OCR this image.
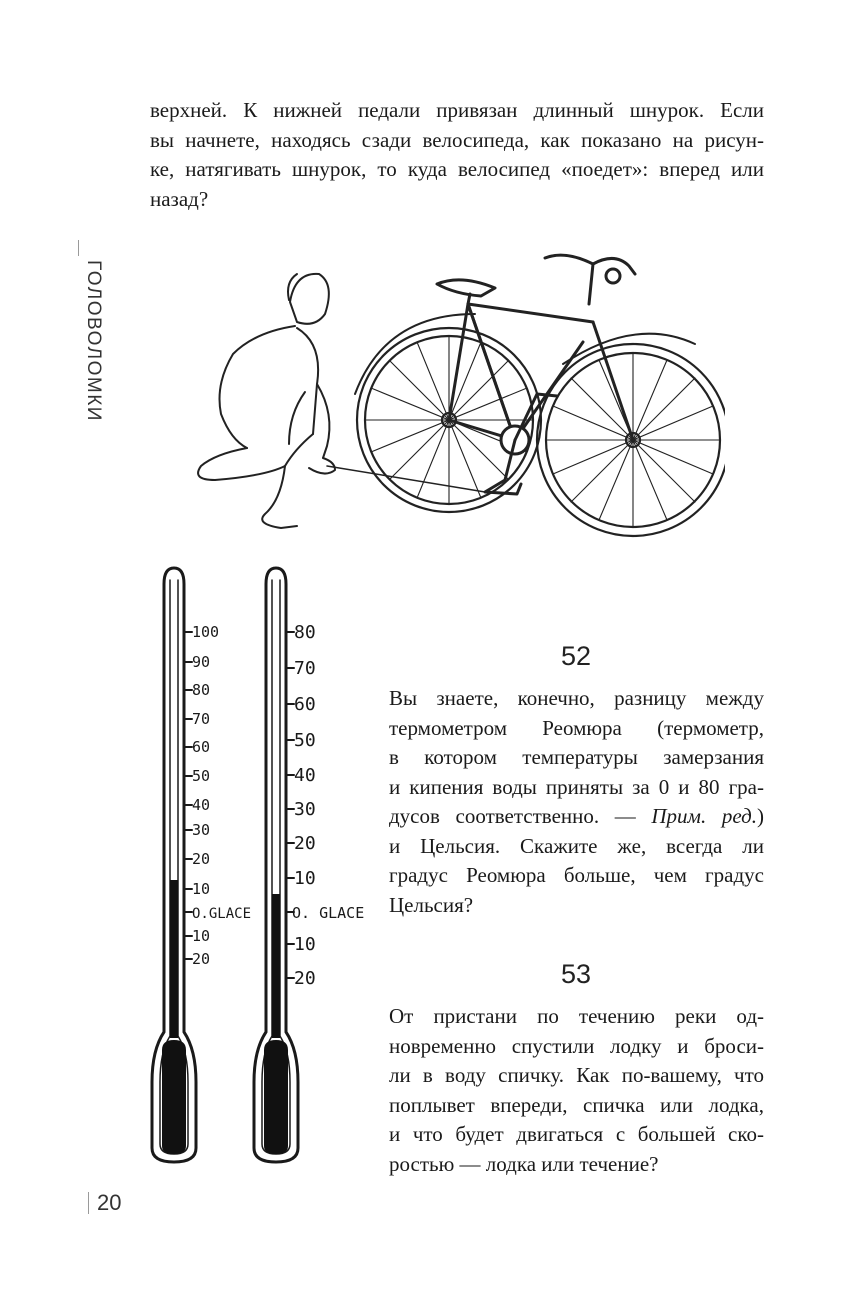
верхней. К нижней педали привязан длинный шнурок. Если
вы начнете, находясь сзади велосипеда, как показано на рисун-
ке, натягивать шнурок, то куда велосипед «поедет»: вперед или
назад?
ГОЛОВОЛОМКИ
100
90
80
70
60
50
40
30
20
10
O.GLACE
10
20
80
70
60
50
40
30
20
10
O. GLACE
10
20
52
Вы знаете, конечно, разницу между
термометром Реомюра (термометр,
в котором температуры замерзания
и кипения воды приняты за 0 и 80 гра-
дусов соответственно. — Прим. ред.)
и Цельсия. Скажите же, всегда ли
градус Реомюра больше, чем градус
Цельсия?
53
От пристани по течению реки од-
новременно спустили лодку и броси-
ли в воду спичку. Как по-вашему, что
поплывет впереди, спичка или лодка,
и что будет двигаться с большей ско-
ростью — лодка или течение?
20
